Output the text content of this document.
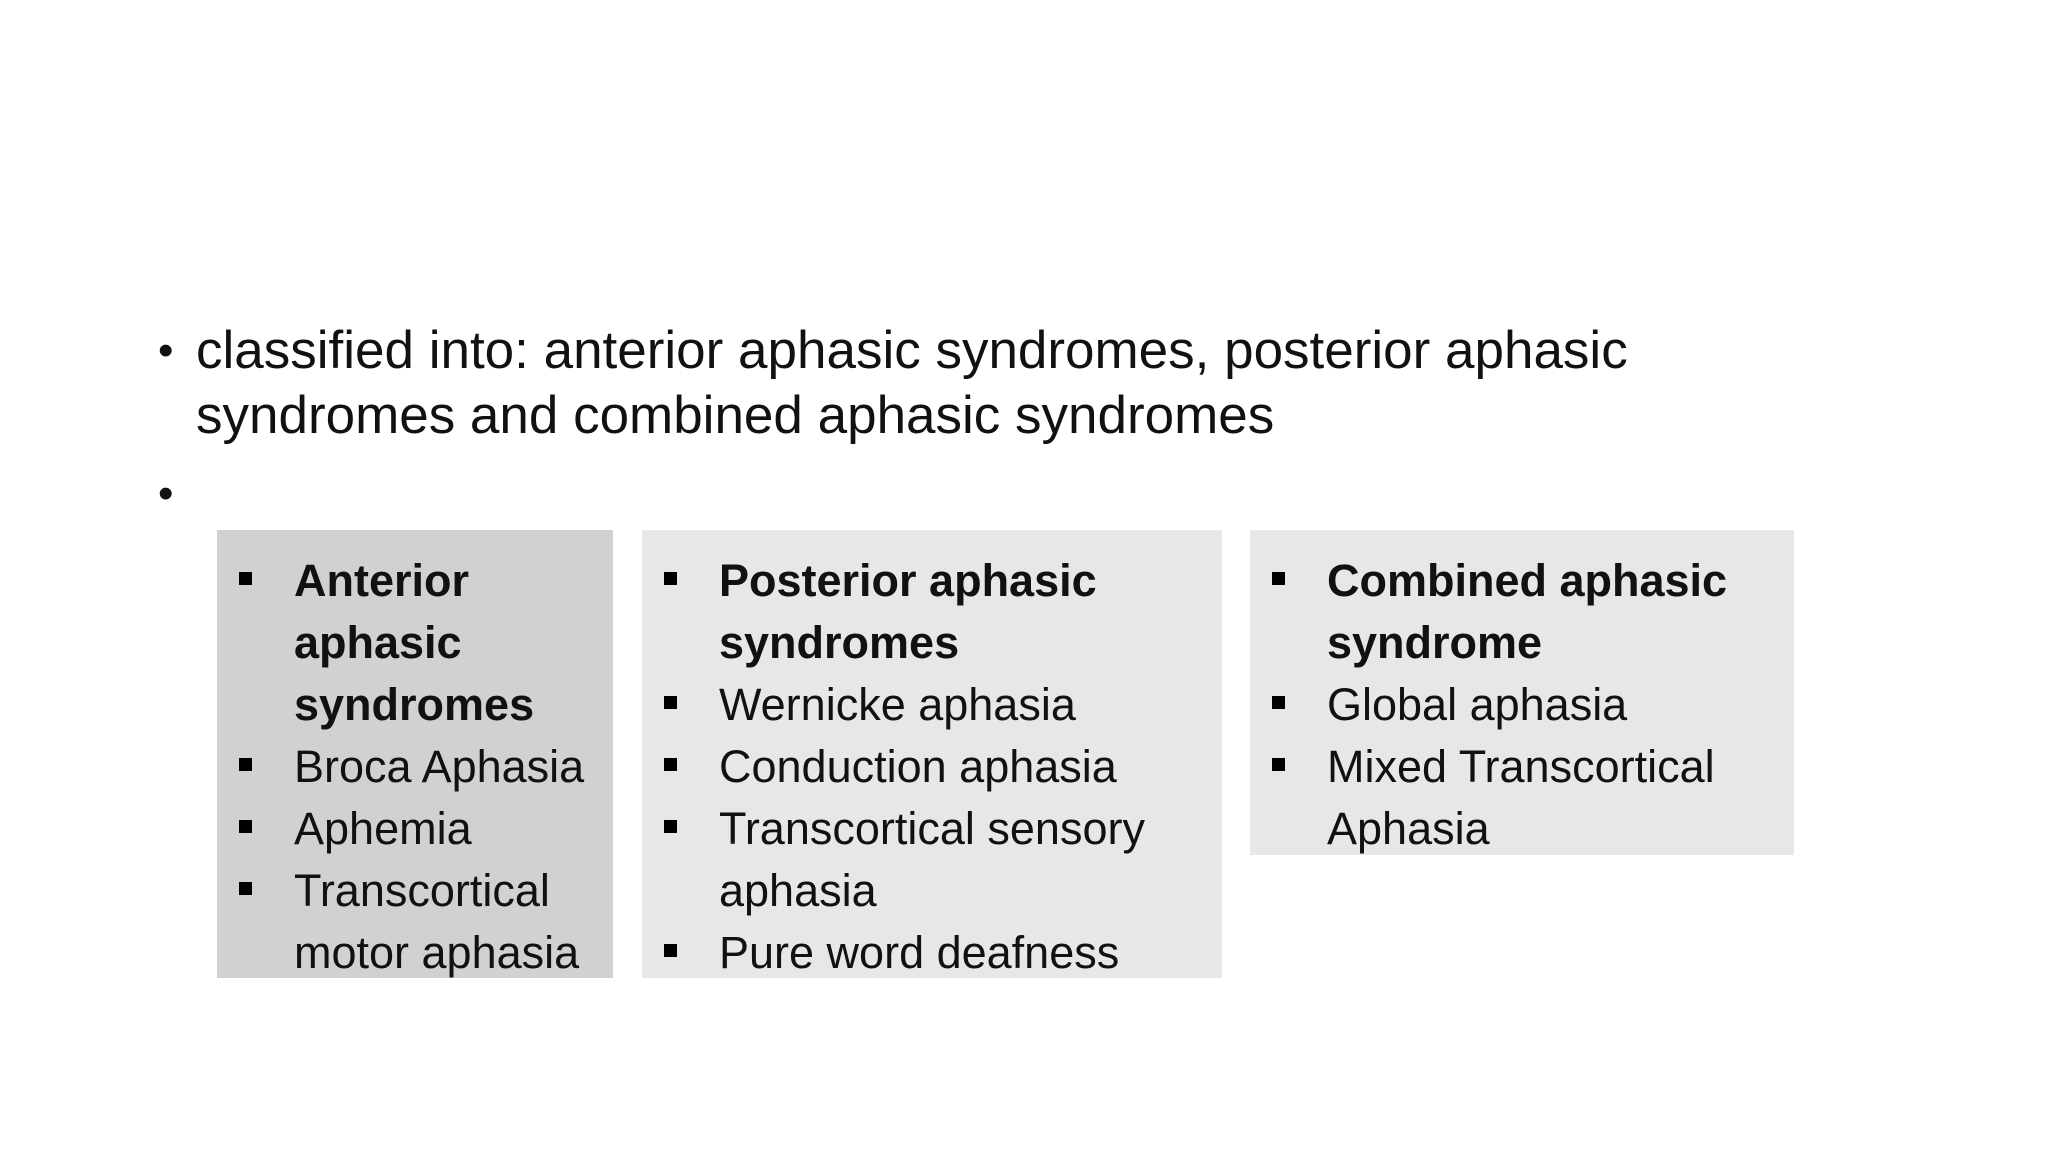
• classified into: anterior aphasic syndromes, posterior aphasic syndromes and combined aphasic syndromes
•

Anterior aphasic syndromes

Broca Aphasia

Aphemia

Transcortical motor aphasia

Posterior aphasic syndromes

Wernicke aphasia

Conduction aphasia

Transcortical sensory aphasia

Pure word deafness

Combined aphasic syndrome

Global aphasia

Mixed Transcortical Aphasia
